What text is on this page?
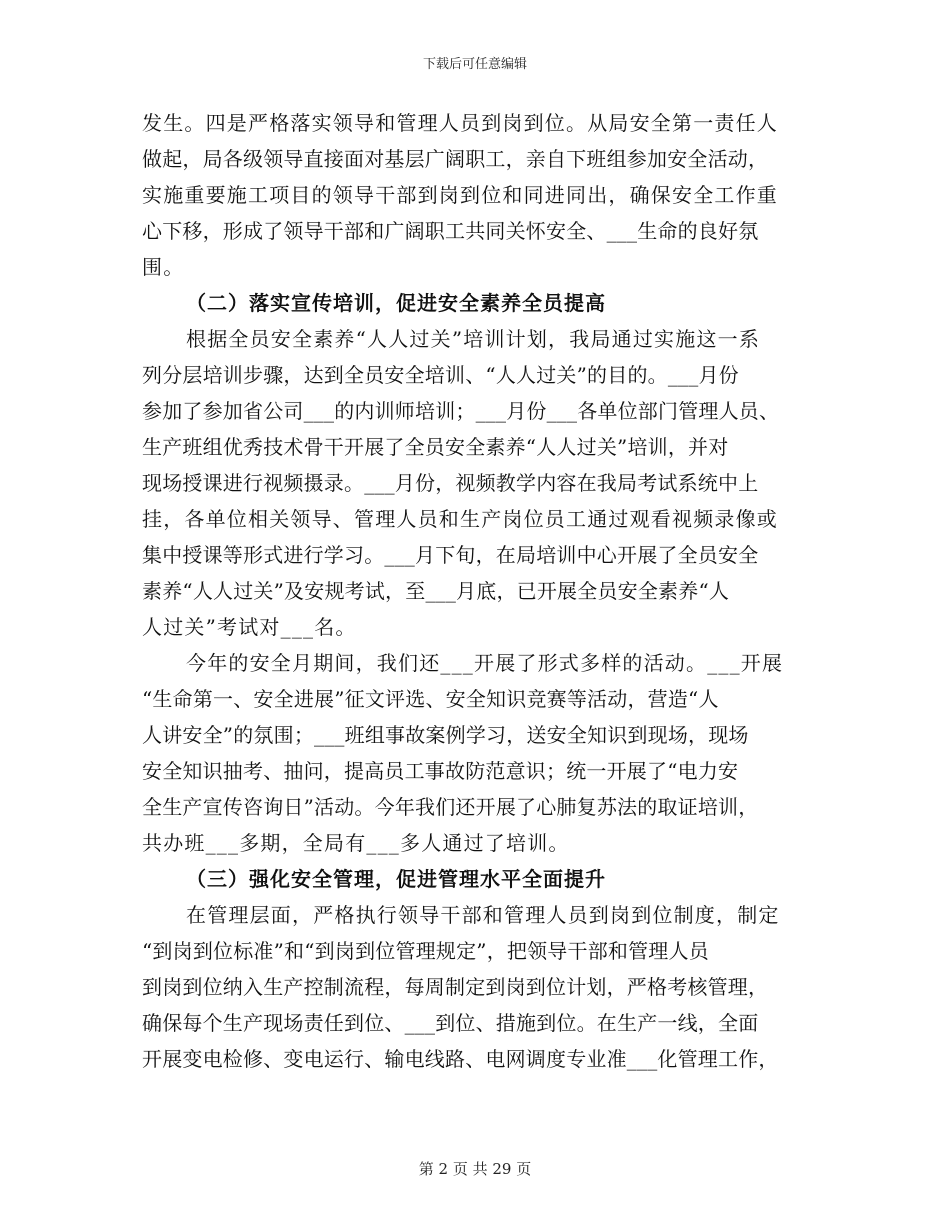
下载后可任意编辑
发生。四是严格落实领导和管理人员到岗到位。从局安全第一责任人
做起，局各级领导直接面对基层广阔职工，亲自下班组参加安全活动，
实施重要施工项目的领导干部到岗到位和同进同出，确保安全工作重
心下移，形成了领导干部和广阔职工共同关怀安全、___生命的良好氛
围。
（二）落实宣传培训，促进安全素养全员提高
根据全员安全素养“人人过关”培训计划，我局通过实施这一系
列分层培训步骤，达到全员安全培训、“人人过关”的目的。___月份
参加了参加省公司___的内训师培训；___月份___各单位部门管理人员、
生产班组优秀技术骨干开展了全员安全素养“人人过关”培训，并对
现场授课进行视频摄录。___月份，视频教学内容在我局考试系统中上
挂，各单位相关领导、管理人员和生产岗位员工通过观看视频录像或
集中授课等形式进行学习。___月下旬，在局培训中心开展了全员安全
素养“人人过关”及安规考试，至___月底，已开展全员安全素养“人
人过关”考试对___名。
今年的安全月期间，我们还___开展了形式多样的活动。___开展
“生命第一、安全进展”征文评选、安全知识竞赛等活动，营造“人
人讲安全”的氛围；___班组事故案例学习，送安全知识到现场，现场
安全知识抽考、抽问，提高员工事故防范意识；统一开展了“电力安
全生产宣传咨询日”活动。今年我们还开展了心肺复苏法的取证培训，
共办班___多期，全局有___多人通过了培训。
（三）强化安全管理，促进管理水平全面提升
在管理层面，严格执行领导干部和管理人员到岗到位制度，制定
“到岗到位标准”和“到岗到位管理规定”，把领导干部和管理人员
到岗到位纳入生产控制流程，每周制定到岗到位计划，严格考核管理，
确保每个生产现场责任到位、___到位、措施到位。在生产一线，全面
开展变电检修、变电运行、输电线路、电网调度专业准___化管理工作，
第 2 页 共 29 页
